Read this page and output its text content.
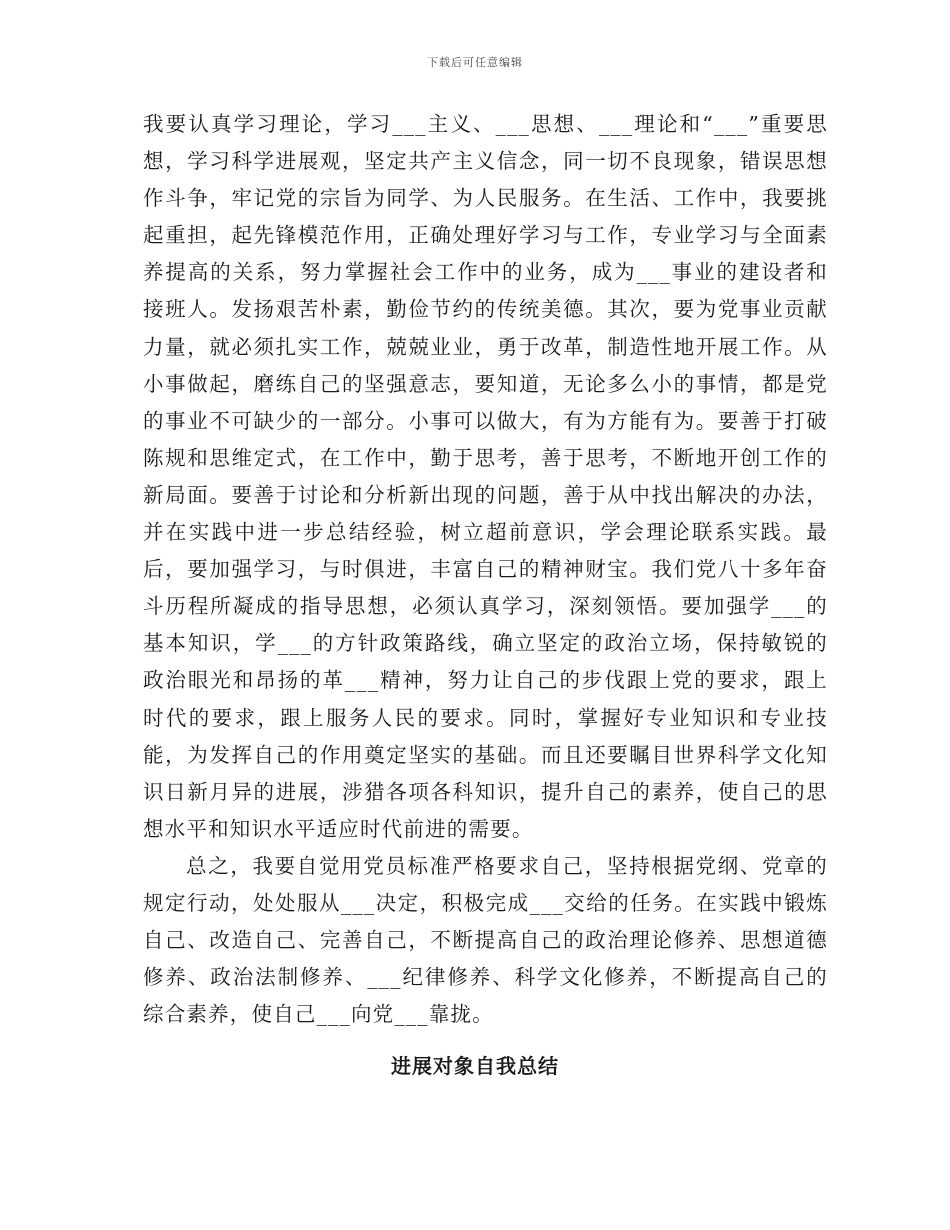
下载后可任意编辑

我要认真学习理论，学习___主义、___思想、___理论和“___”重要思想，学习科学进展观，坚定共产主义信念，同一切不良现象，错误思想作斗争，牢记党的宗旨为同学、为人民服务。在生活、工作中，我要挑起重担，起先锋模范作用，正确处理好学习与工作，专业学习与全面素养提高的关系，努力掌握社会工作中的业务，成为___事业的建设者和接班人。发扬艰苦朴素，勤俭节约的传统美德。其次，要为党事业贡献力量，就必须扎实工作，兢兢业业，勇于改革，制造性地开展工作。从小事做起，磨练自己的坚强意志，要知道，无论多么小的事情，都是党的事业不可缺少的一部分。小事可以做大，有为方能有为。要善于打破陈规和思维定式，在工作中，勤于思考，善于思考，不断地开创工作的新局面。要善于讨论和分析新出现的问题，善于从中找出解决的办法，并在实践中进一步总结经验，树立超前意识，学会理论联系实践。最后，要加强学习，与时俱进，丰富自己的精神财宝。我们党八十多年奋斗历程所凝成的指导思想，必须认真学习，深刻领悟。要加强学___的基本知识，学___的方针政策路线，确立坚定的政治立场，保持敏锐的政治眼光和昂扬的革___精神，努力让自己的步伐跟上党的要求，跟上时代的要求，跟上服务人民的要求。同时，掌握好专业知识和专业技能，为发挥自己的作用奠定坚实的基础。而且还要瞩目世界科学文化知识日新月异的进展，涉猎各项各科知识，提升自己的素养，使自己的思想水平和知识水平适应时代前进的需要。

总之，我要自觉用党员标准严格要求自己，坚持根据党纲、党章的规定行动，处处服从___决定，积极完成___交给的任务。在实践中锻炼自己、改造自己、完善自己，不断提高自己的政治理论修养、思想道德修养、政治法制修养、___纪律修养、科学文化修养，不断提高自己的综合素养，使自己___向党___靠拢。

进展对象自我总结
